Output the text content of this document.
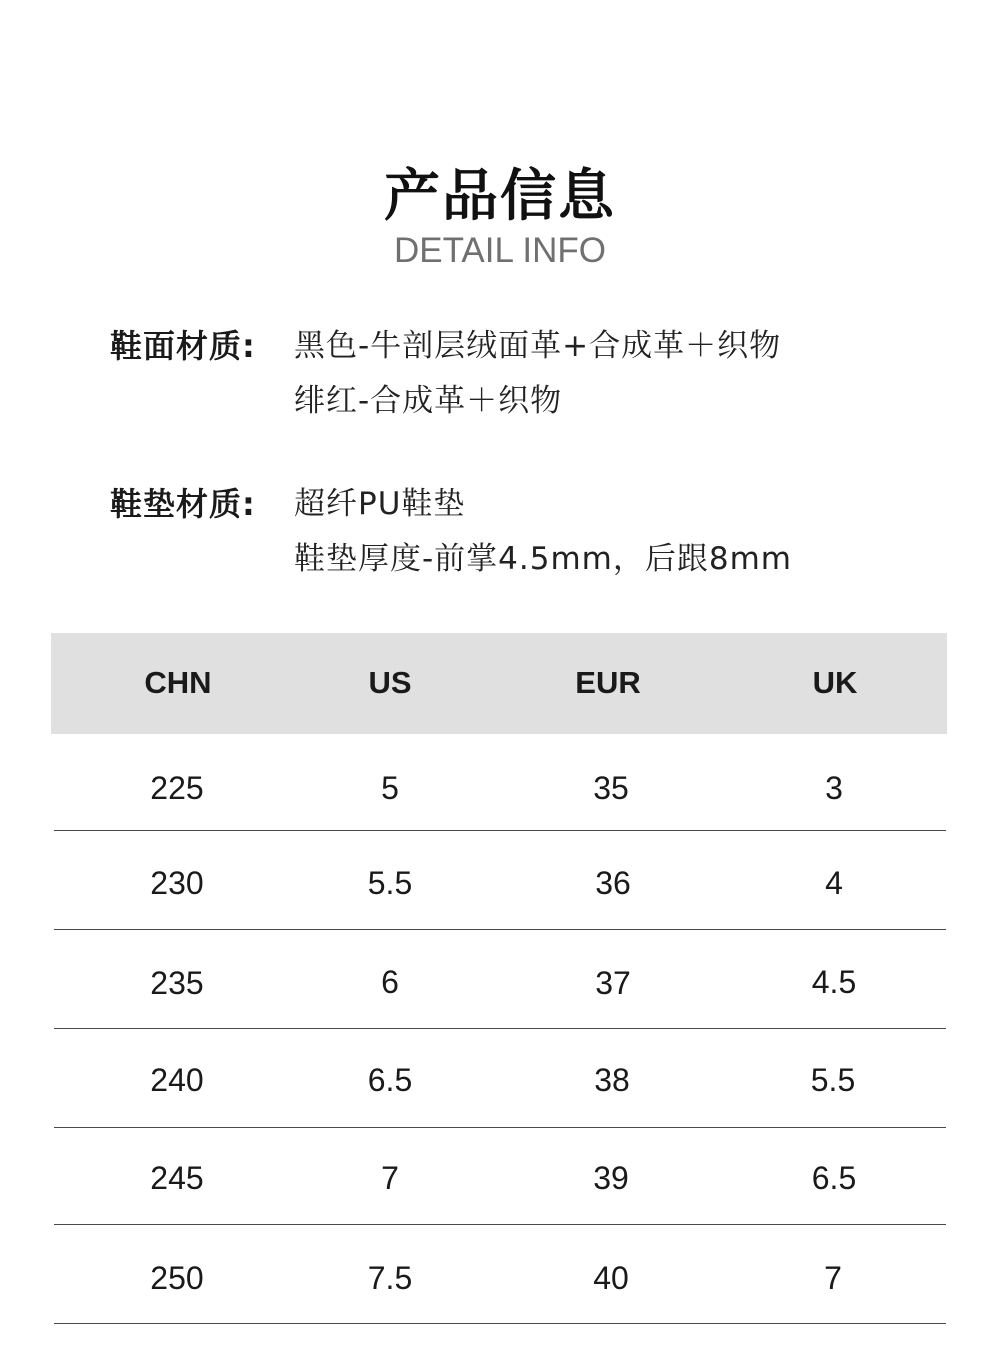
产品信息
DETAIL INFO
鞋面材质: 黑色-牛剖层绒面革+合成革＋织物
绯红-合成革＋织物
鞋垫材质: 超纤PU鞋垫
鞋垫厚度-前掌4.5mm，后跟8mm
CHN	US	EUR	UK
225	5	35	3
230	5.5	36	4
235	6	37	4.5
240	6.5	38	5.5
245	7	39	6.5
250	7.5	40	7
